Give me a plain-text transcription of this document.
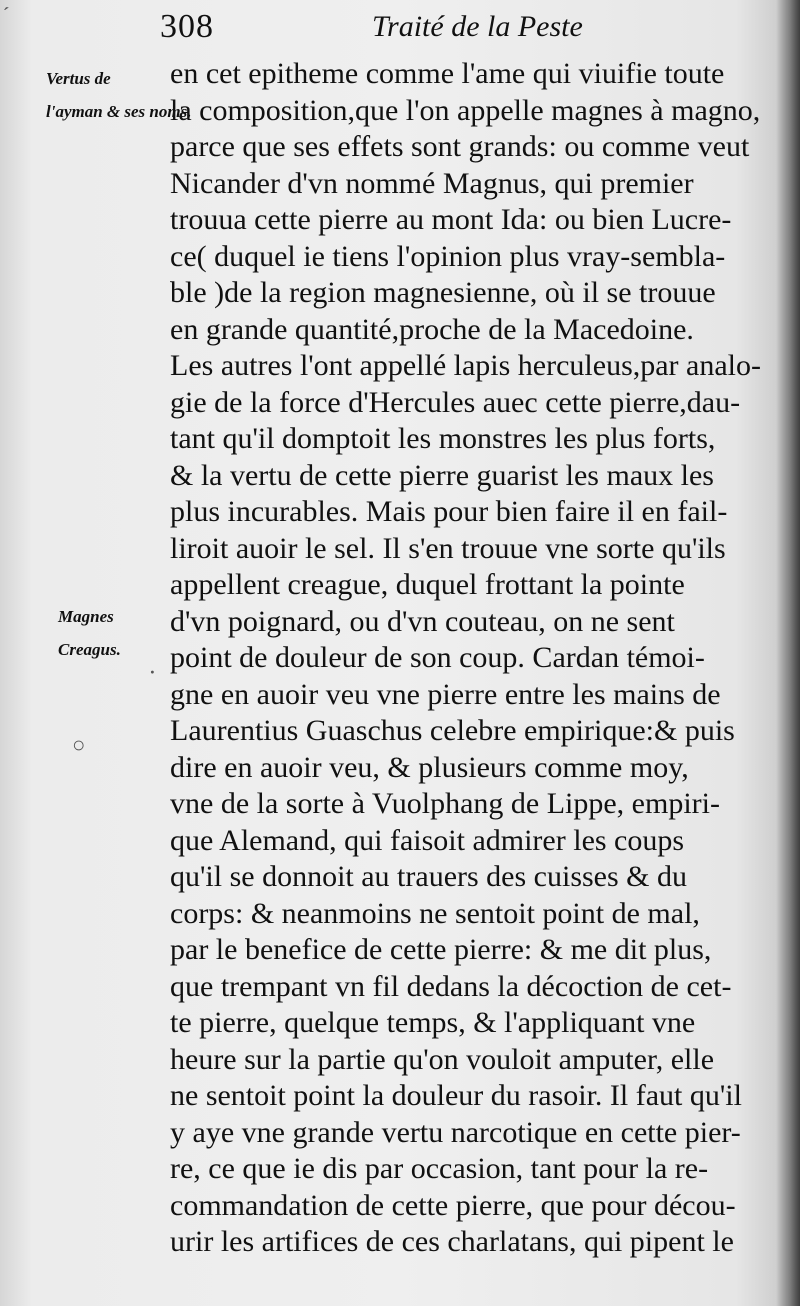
308	Traité de la Peste
ˊ
Vertus de
l'ayman & ses noms.
Magnes
Creagus.
○
·
en cet epitheme comme l'ame qui viuifie toute
la composition,que l'on appelle magnes à magno,
parce que ses effets sont grands: ou comme veut
Nicander d'vn nommé Magnus, qui premier
trouua cette pierre au mont Ida: ou bien Lucre-
ce( duquel ie tiens l'opinion plus vray-sembla-
ble )de la region magnesienne, où il se trouue
en grande quantité,proche de la Macedoine.
Les autres l'ont appellé lapis herculeus,par analo-
gie de la force d'Hercules auec cette pierre,dau-
tant qu'il domptoit les monstres les plus forts,
& la vertu de cette pierre guarist les maux les
plus incurables. Mais pour bien faire il en fail-
liroit auoir le sel. Il s'en trouue vne sorte qu'ils
appellent creague, duquel frottant la pointe
d'vn poignard, ou d'vn couteau, on ne sent
point de douleur de son coup. Cardan témoi-
gne en auoir veu vne pierre entre les mains de
Laurentius Guaschus celebre empirique:& puis
dire en auoir veu, & plusieurs comme moy,
vne de la sorte à Vuolphang de Lippe, empiri-
que Alemand, qui faisoit admirer les coups
qu'il se donnoit au trauers des cuisses & du
corps: & neanmoins ne sentoit point de mal,
par le benefice de cette pierre: & me dit plus,
que trempant vn fil dedans la décoction de cet-
te pierre, quelque temps, & l'appliquant vne
heure sur la partie qu'on vouloit amputer, elle
ne sentoit point la douleur du rasoir. Il faut qu'il
y aye vne grande vertu narcotique en cette pier-
re, ce que ie dis par occasion, tant pour la re-
commandation de cette pierre, que pour décou-
urir les artifices de ces charlatans, qui pipent le
